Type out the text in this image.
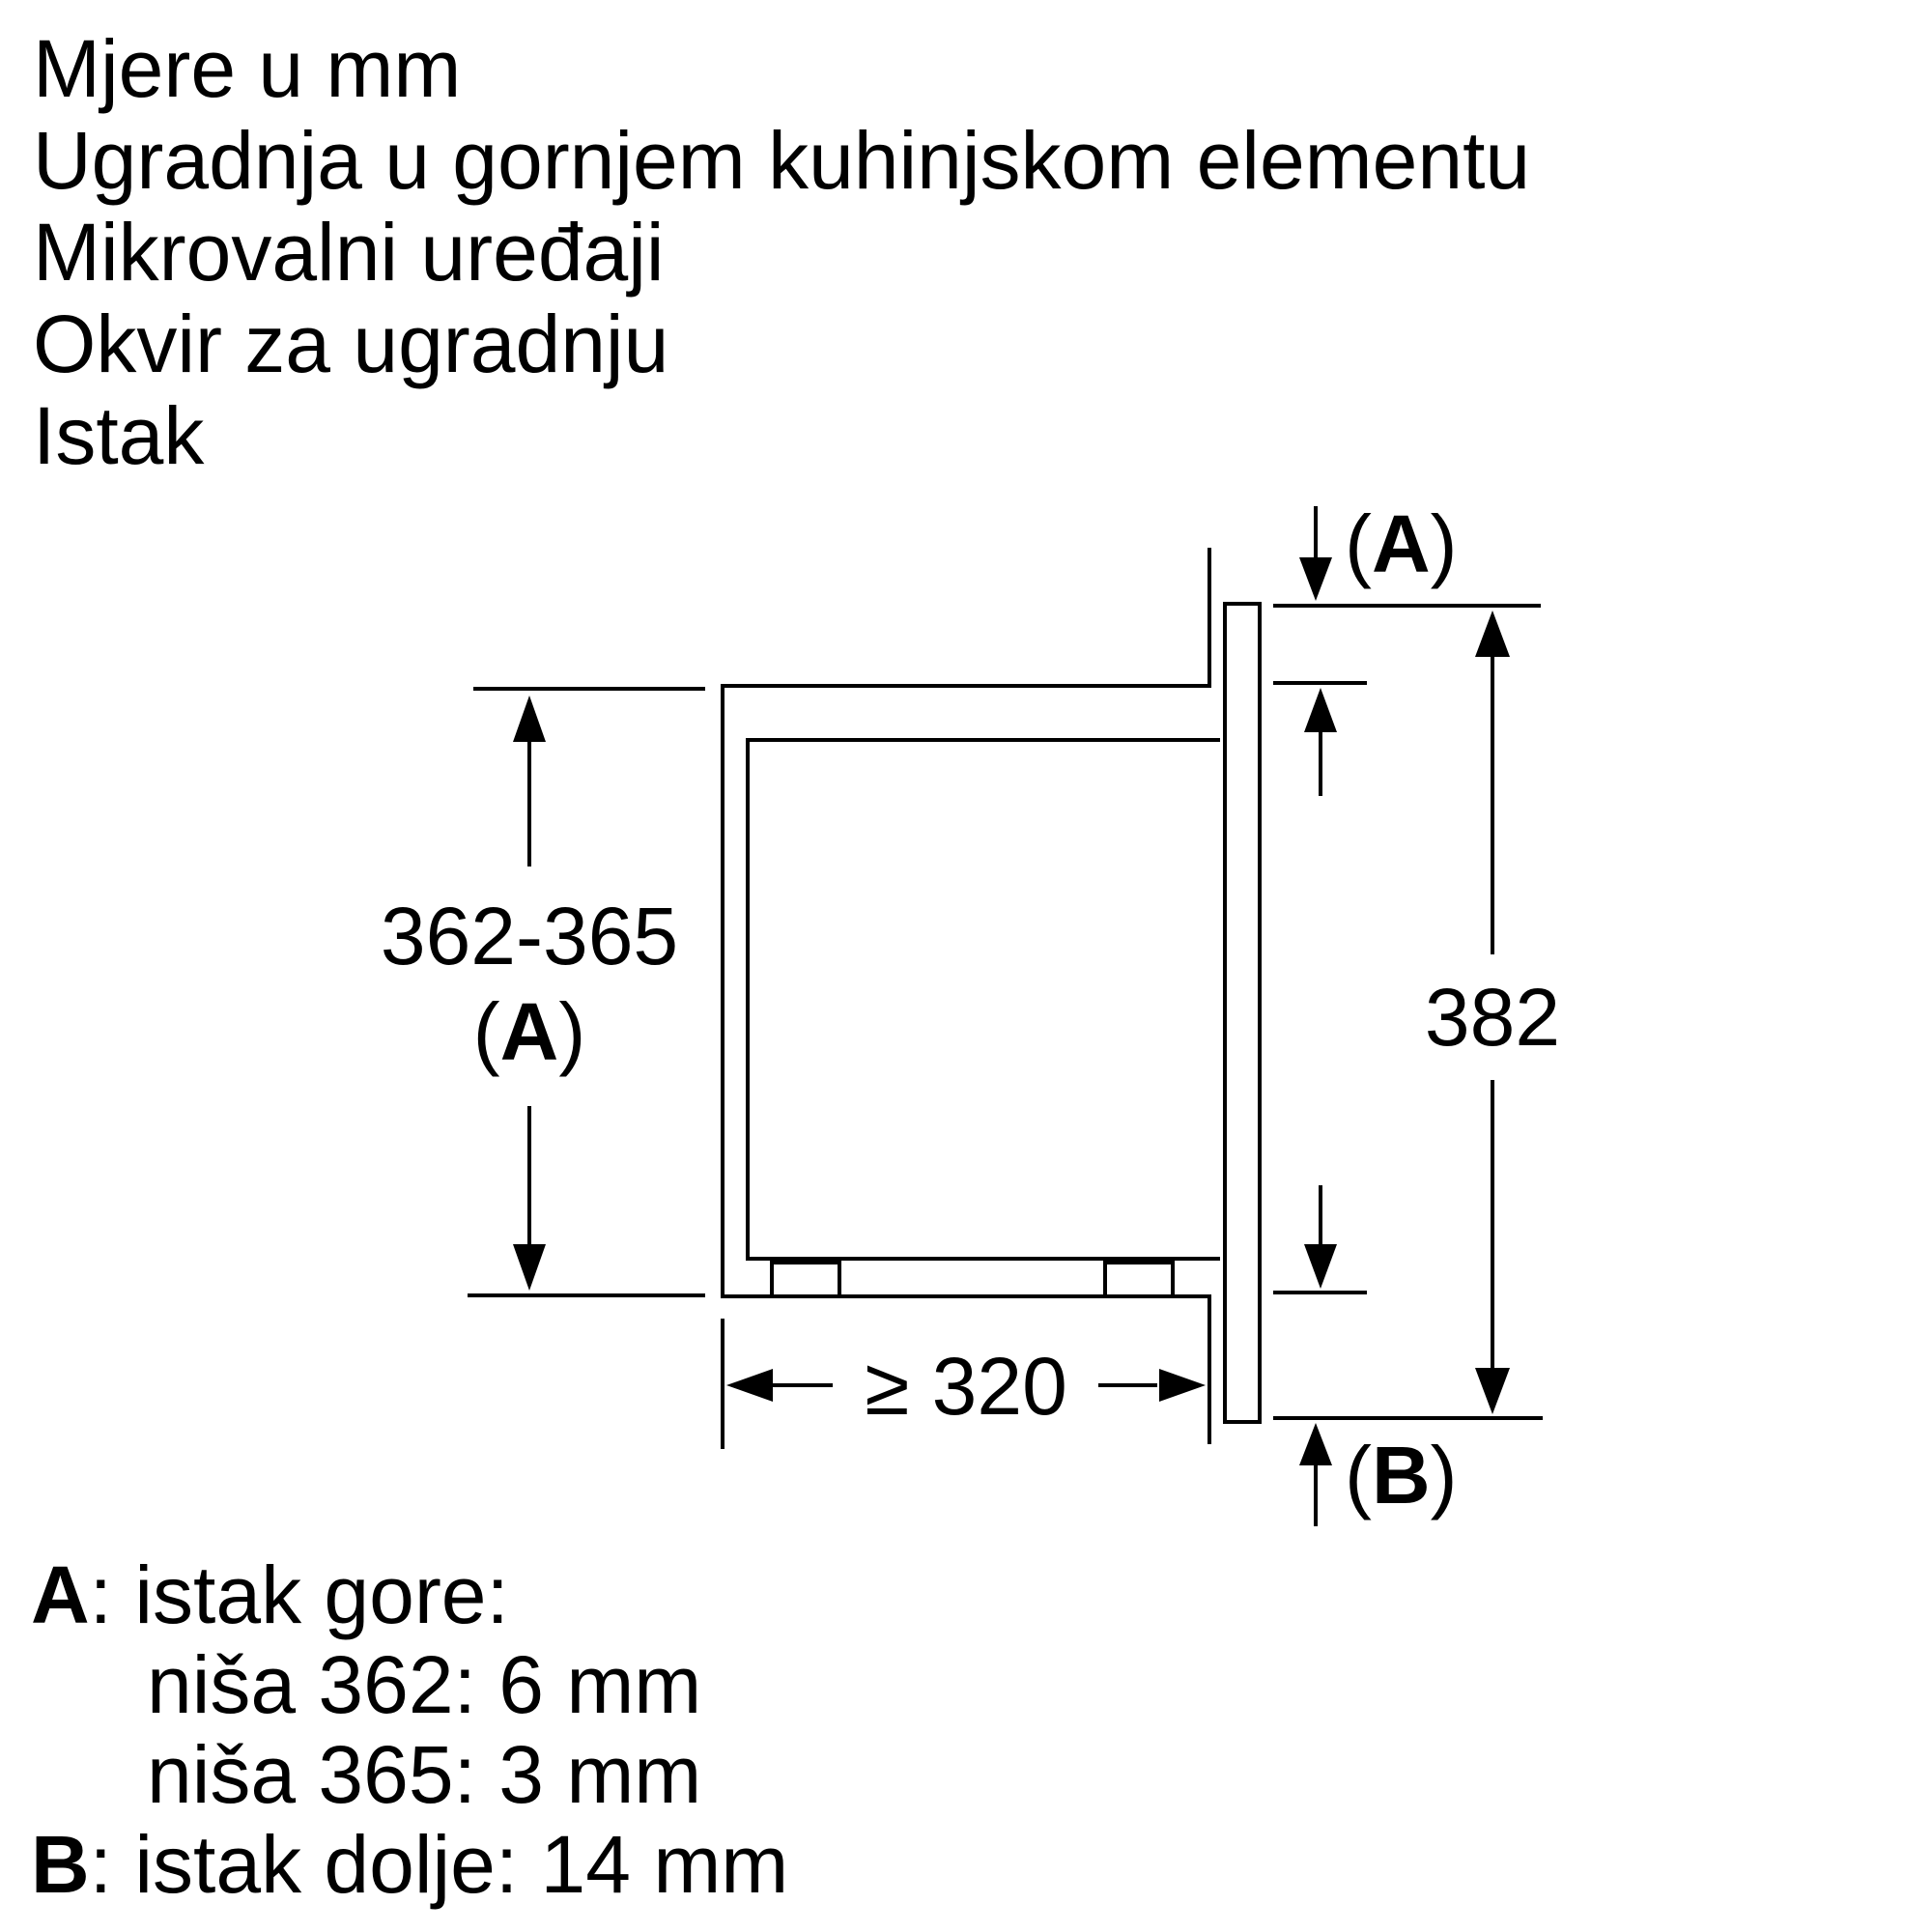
Mjere u mm
Ugradnja u gornjem kuhinjskom elementu
Mikrovalni uređaji
Okvir za ugradnju
Istak
362-365
(A)
≥ 320
382
(A)
(B)
A: istak gore:
niša 362: 6 mm
niša 365: 3 mm
B: istak dolje: 14 mm
